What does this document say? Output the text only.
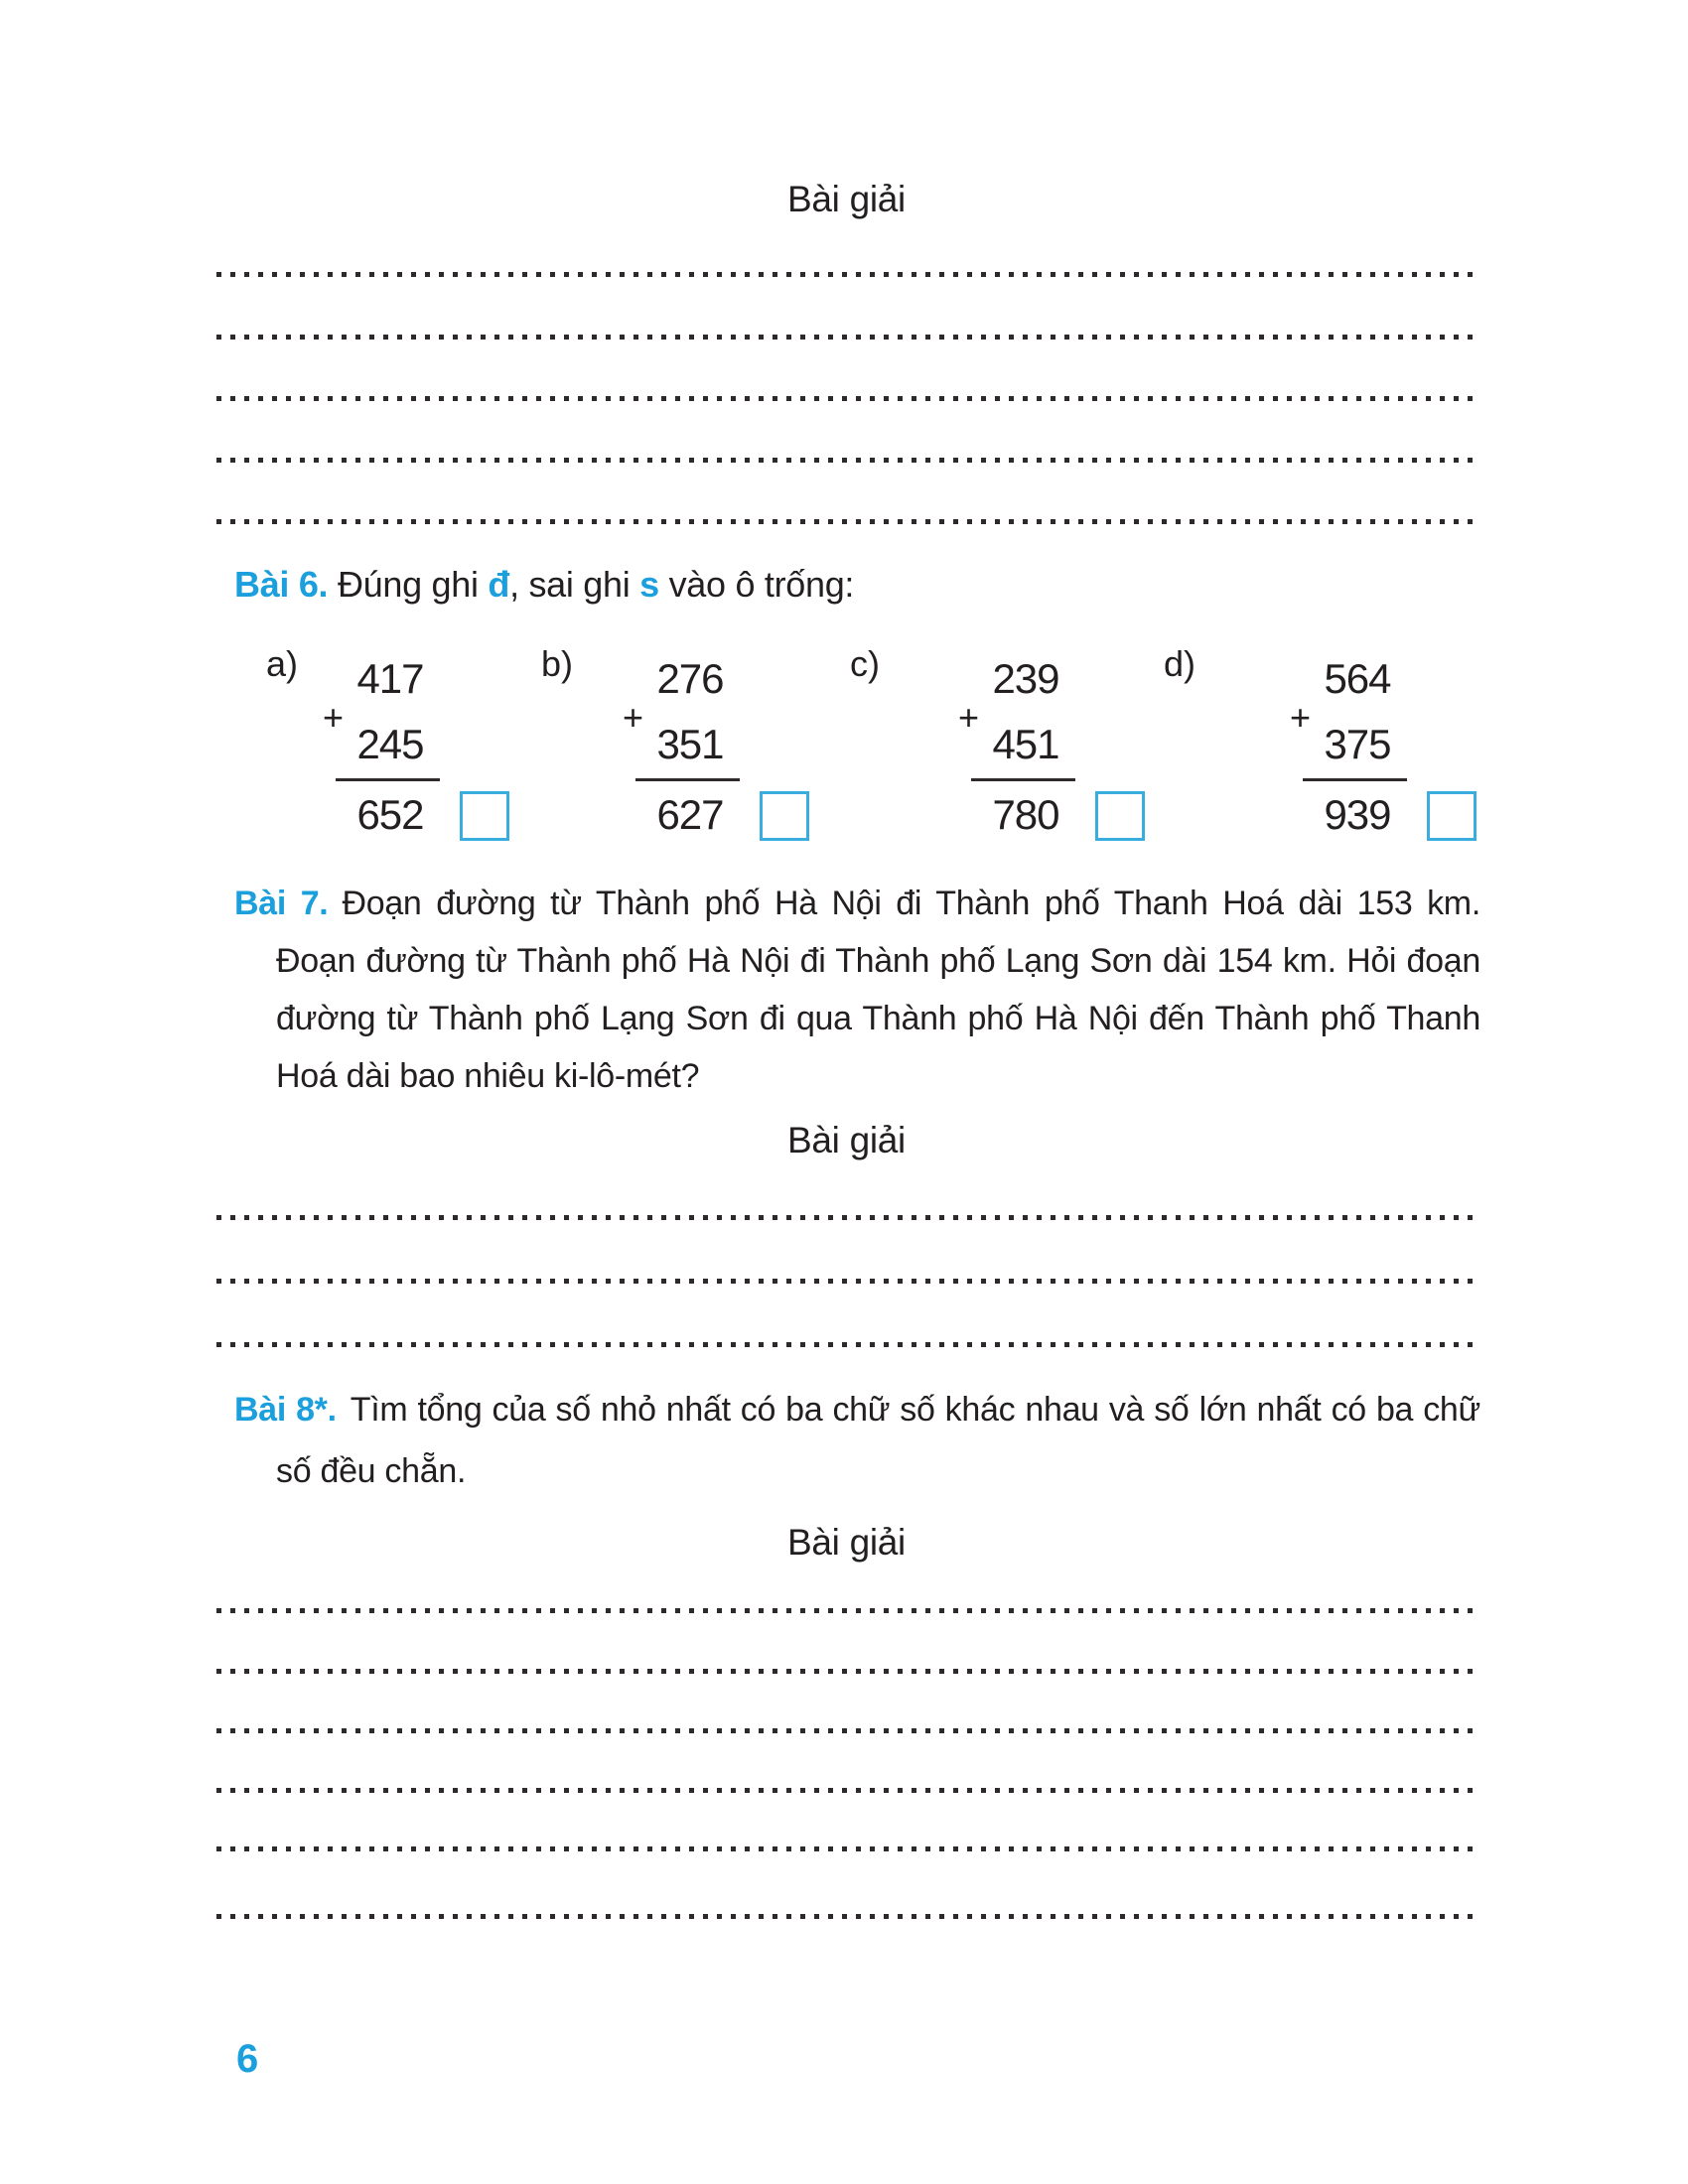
Bài giải
Bài 6. Đúng ghi đ, sai ghi s vào ô trống:
a)
+
417
245
652
b)
+
276
351
627
c)
+
239
451
780
d)
+
564
375
939
Bài 7. Đoạn đường từ Thành phố Hà Nội đi Thành phố Thanh Hoá dài 153 km.
Đoạn đường từ Thành phố Hà Nội đi Thành phố Lạng Sơn dài 154 km. Hỏi đoạn
đường từ Thành phố Lạng Sơn đi qua Thành phố Hà Nội đến Thành phố Thanh
Hoá dài bao nhiêu ki-lô-mét?
Bài giải
Bài 8*. Tìm tổng của số nhỏ nhất có ba chữ số khác nhau và số lớn nhất có ba chữ
số đều chẵn.
Bài giải
6
